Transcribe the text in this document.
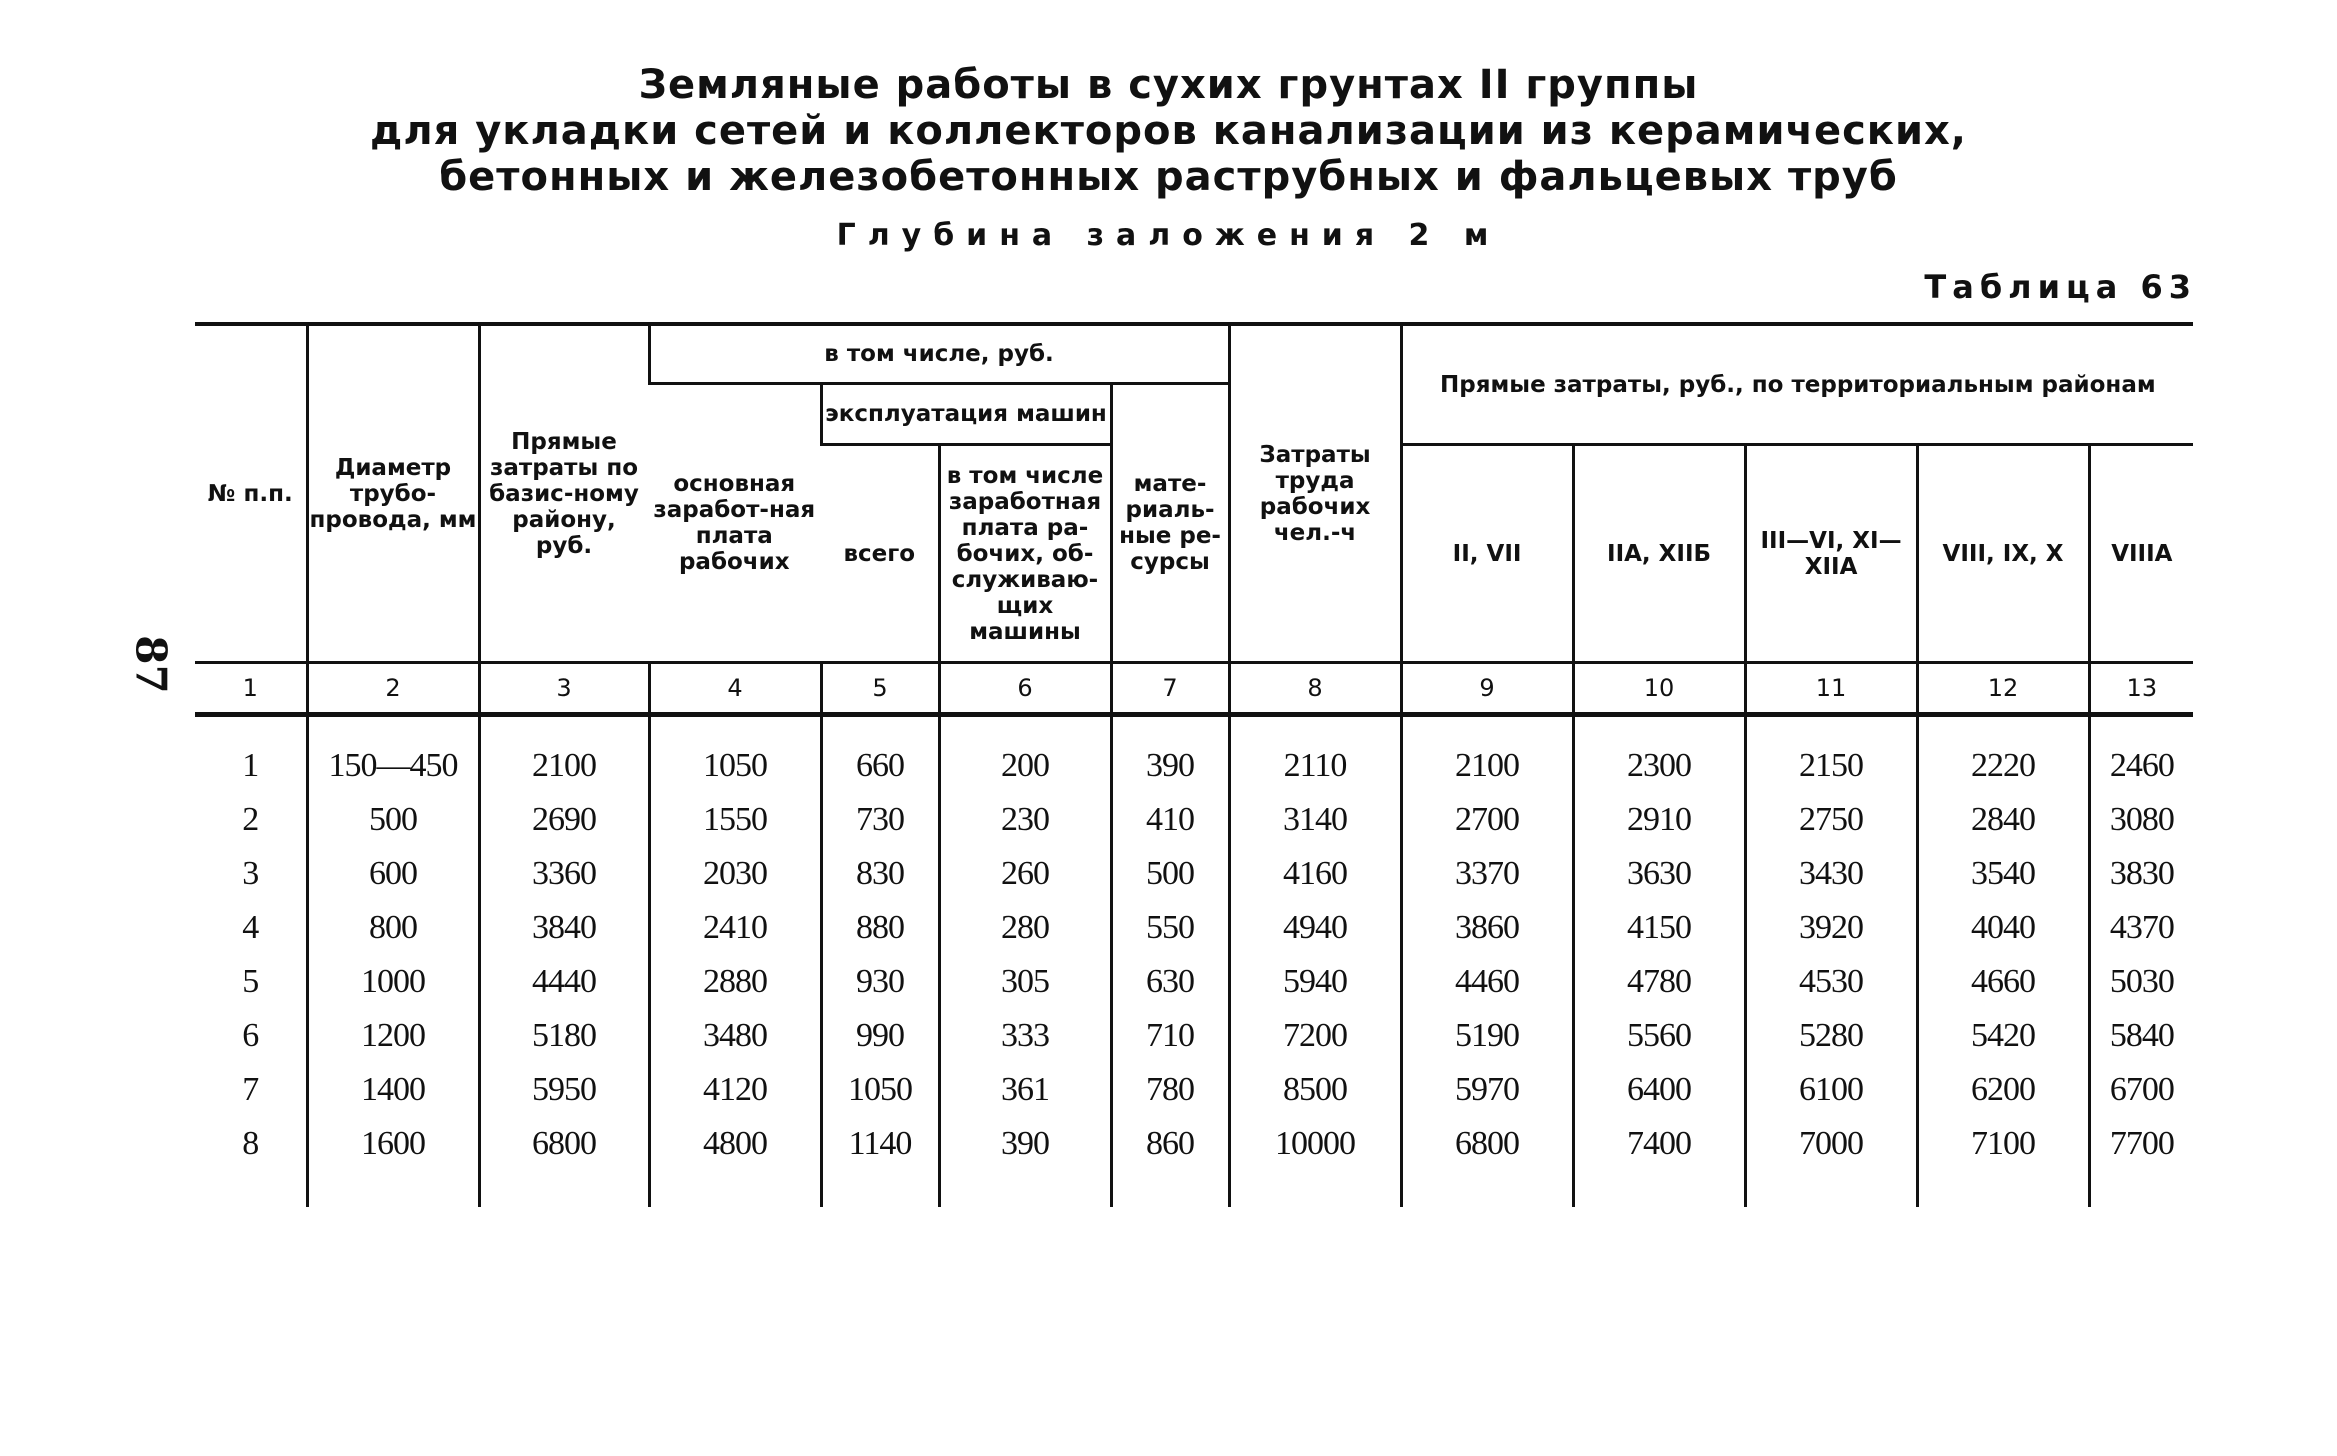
Земляные работы в сухих грунтах II группы
для укладки сетей и коллекторов канализации из керамических,
бетонных и железобетонных раструбных и фальцевых труб
Глубина заложения 2 м
Таблица 63
87
№ п.п.	Диаметр трубо-провода, мм	Прямые затраты по базис-ному району, руб.	в том числе, руб.				Затраты труда рабочих чел.-ч	Прямые затраты, руб., по территориальным районам				
			основная заработ-ная плата рабочих	эксплуатация машин		мате-риаль-ные ре-сурсы						
				всего	в том числе заработная плата ра-бочих, об-служиваю-щих машины			II, VII	IIА, XIIБ	III—VI, XI—XIIА	VIII, IX, X	VIIIА
1	2	3	4	5	6	7	8	9	10	11	12	13
1	150—450	2100	1050	660	200	390	2110	2100	2300	2150	2220	2460
2	500	2690	1550	730	230	410	3140	2700	2910	2750	2840	3080
3	600	3360	2030	830	260	500	4160	3370	3630	3430	3540	3830
4	800	3840	2410	880	280	550	4940	3860	4150	3920	4040	4370
5	1000	4440	2880	930	305	630	5940	4460	4780	4530	4660	5030
6	1200	5180	3480	990	333	710	7200	5190	5560	5280	5420	5840
7	1400	5950	4120	1050	361	780	8500	5970	6400	6100	6200	6700
8	1600	6800	4800	1140	390	860	10000	6800	7400	7000	7100	7700
